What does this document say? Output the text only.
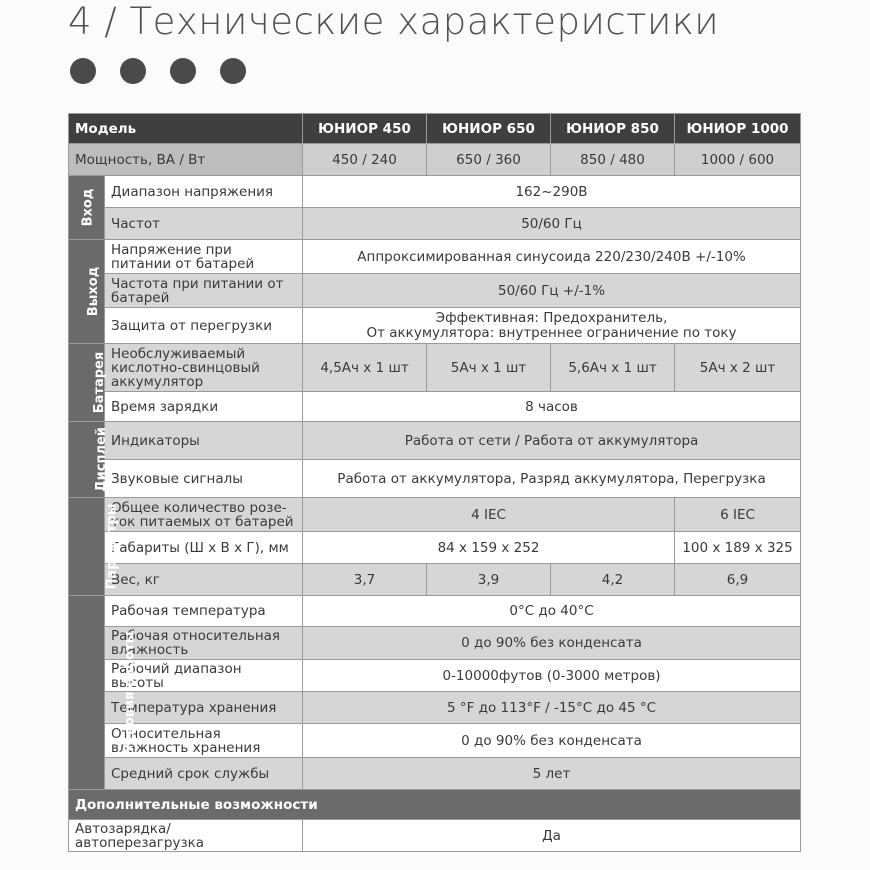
4 / Технические характеристики
Модель		ЮНИОР 450	ЮНИОР 650	ЮНИОР 850	ЮНИОР 1000
Мощность, ВА / Вт		450 / 240	650 / 360	850 / 480	1000 / 600
Вход	Диапазон напряжения	162~290В			
	Частот	50/60 Гц			
Выход	Напряжение при питании от батарей	Аппроксимированная синусоида 220/230/240В +/-10%			
	Частота при питании от батарей	50/60 Гц +/-1%			
	Защита от перегрузки	Эффективная: Предохранитель,
От аккумулятора: внутреннее ограничение по току			

Батарея	Необслуживаемый кислотно-свинцовый аккумулятор	4,5Ач х 1 шт	5Ач х 1 шт	5,6Ач х 1 шт	5Ач х 2 шт
	Время зарядки	8 часов			
Дисплей	Индикаторы	Работа от сети / Работа от аккумулятора			
	Звуковые сигналы	Работа от аккумулятора, Разряд аккумулятора, Перегрузка			
Параметры	Общее количество розе-ток питаемых от батарей	4 IEC			6 IEC
	Габариты (Ш х В х Г), мм	84 х 159 х 252			100 х 189 х 325
	Вес, кг	3,7	3,9	4,2	6,9
Условия работы	Рабочая температура	0°С до 40°С			
	Рабочая относительная влажность	0 до 90% без конденсата			
	Рабочий диапазон высоты	0-10000футов (0-3000 метров)			
	Температура хранения	5 °F до 113°F / -15°С до 45 °С			
	Относительная влажность хранения	0 до 90% без конденсата			
	Средний срок службы	5 лет			
Дополнительные возможности					
Автозарядка/автоперезагрузка		Да			
